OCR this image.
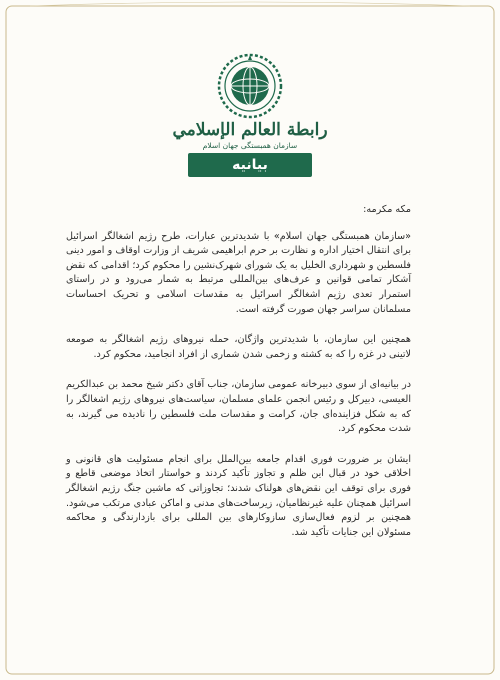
رابطة العالم الإسلامي
سازمان همبستگی جهان اسلام
بیانیه

مکه مکرمه:

«سازمان همبستگی جهان اسلام» با شدیدترین عبارات، طرح رژیم اشغالگر اسرائیل برای انتقال اختیار اداره و نظارت بر حرم ابراهیمی شریف از وزارت اوقاف و امور دینی فلسطین و شهرداری الخلیل به یک شورای شهرک‌نشین را محکوم کرد؛ اقدامی که نقض آشکار تمامی قوانین و عرف‌های بین‌المللی مرتبط به شمار می‌رود و در راستای استمرار تعدی رژیم اشغالگر اسرائیل به مقدسات اسلامی و تحریک احساسات مسلمانان سراسر جهان صورت گرفته است.

همچنین این سازمان، با شدیدترین واژگان، حمله نیروهای رژیم اشغالگر به صومعه لاتینی در غزه را که به کشته و زخمی شدن شماری از افراد انجامید، محکوم کرد.

در بیانیه‌ای از سوی دبیرخانه عمومی سازمان، جناب آقای دکتر شیخ محمد بن عبدالکریم العیسی، دبیرکل و رئیس انجمن علمای مسلمان، سیاست‌های نیروهای رژیم اشغالگر را که به شکل فزاینده‌ای جان، کرامت و مقدسات ملت فلسطین را نادیده می گیرند، به شدت محکوم کرد.

ایشان بر ضرورت فوری اقدام جامعه بین‌الملل برای انجام مسئولیت های قانونی و اخلاقی خود در قبال این ظلم و تجاوز تأکید کردند و خواستار اتخاذ موضعی قاطع و فوری برای توقف این نقض‌های هولناک شدند؛ تجاوزاتی که ماشین جنگ رژیم اشغالگر اسرائیل همچنان علیه غیرنظامیان، زیرساخت‌های مدنی و اماکن عبادی مرتکب می‌شود. همچنین بر لزوم فعال‌سازی سازوکارهای بین المللی برای بازدارندگی و محاکمه مسئولان این جنایات تأکید شد.
